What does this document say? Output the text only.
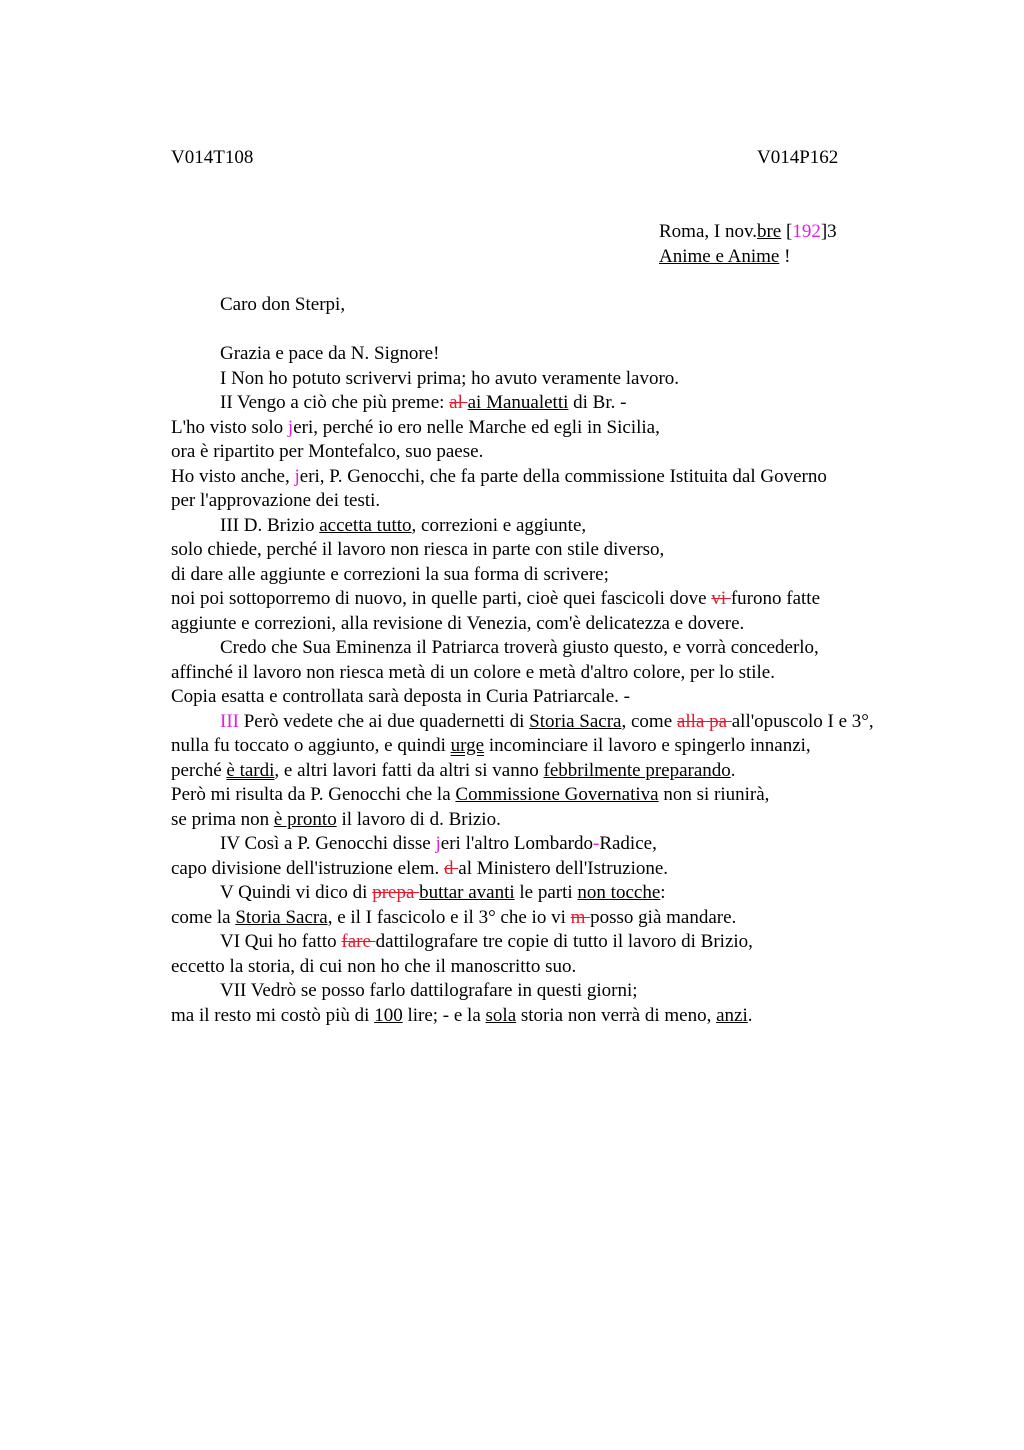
V014T108	V014P162
Roma, I nov.bre [192]3
Anime e Anime !
Caro don Sterpi,
Grazia e pace da N. Signore!
I Non ho potuto scrivervi prima; ho avuto veramente lavoro.
II Vengo a ciò che più preme: al ai Manualetti di Br. -
L'ho visto solo jeri, perché io ero nelle Marche ed egli in Sicilia,
ora è ripartito per Montefalco, suo paese.
Ho visto anche, jeri, P. Genocchi, che fa parte della commissione Istituita dal Governo
per l'approvazione dei testi.
III D. Brizio accetta tutto, correzioni e aggiunte,
solo chiede, perché il lavoro non riesca in parte con stile diverso,
di dare alle aggiunte e correzioni la sua forma di scrivere;
noi poi sottoporremo di nuovo, in quelle parti, cioè quei fascicoli dove vi furono fatte
aggiunte e correzioni, alla revisione di Venezia, com'è delicatezza e dovere.
Credo che Sua Eminenza il Patriarca troverà giusto questo, e vorrà concederlo,
affinché il lavoro non riesca metà di un colore e metà d'altro colore, per lo stile.
Copia esatta e controllata sarà deposta in Curia Patriarcale. -
III Però vedete che ai due quadernetti di Storia Sacra, come alla pa all'opuscolo I e 3°,
nulla fu toccato o aggiunto, e quindi urge incominciare il lavoro e spingerlo innanzi,
perché è tardi, e altri lavori fatti da altri si vanno febbrilmente preparando.
Però mi risulta da P. Genocchi che la Commissione Governativa non si riunirà,
se prima non è pronto il lavoro di d. Brizio.
IV Così a P. Genocchi disse jeri l'altro Lombardo-Radice,
capo divisione dell'istruzione elem. d al Ministero dell'Istruzione.
V Quindi vi dico di prepa buttar avanti le parti non tocche:
come la Storia Sacra, e il I fascicolo e il 3° che io vi m posso già mandare.
VI Qui ho fatto fare dattilografare tre copie di tutto il lavoro di Brizio,
eccetto la storia, di cui non ho che il manoscritto suo.
VII Vedrò se posso farlo dattilografare in questi giorni;
ma il resto mi costò più di 100 lire; - e la sola storia non verrà di meno, anzi.
